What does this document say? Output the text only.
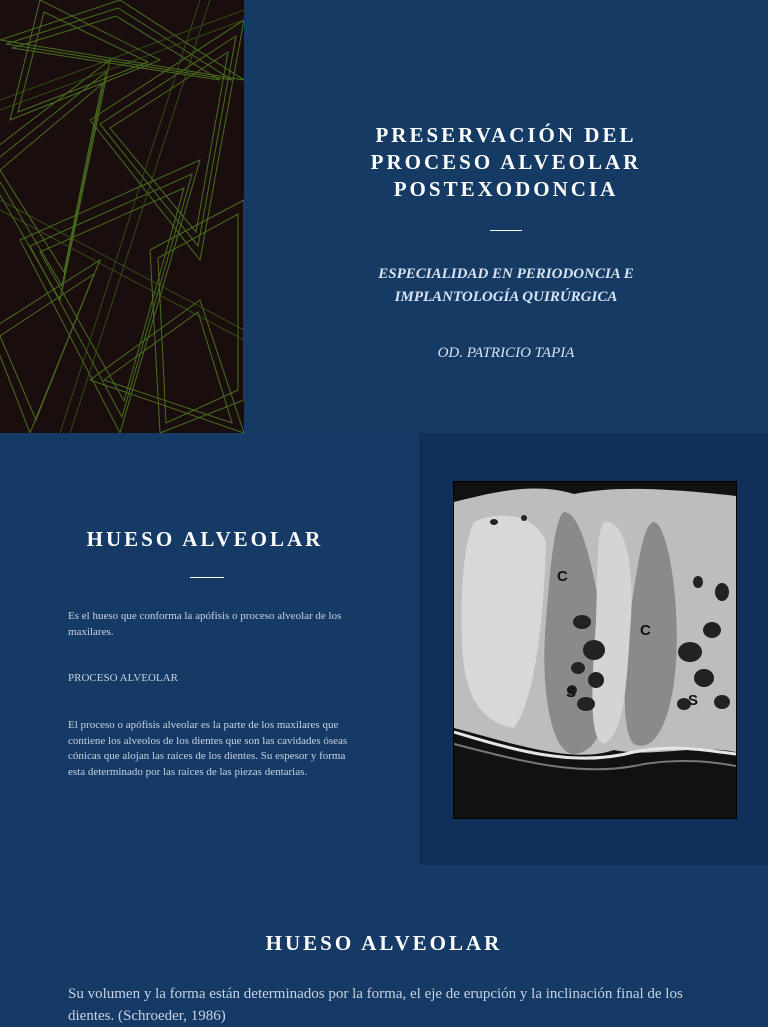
PRESERVACIÓN DEL
PROCESO ALVEOLAR
POSTEXODONCIA
ESPECIALIDAD EN PERIODONCIA E
IMPLANTOLOGÍA QUIRÚRGICA
OD. PATRICIO TAPIA
HUESO ALVEOLAR
Es el hueso que conforma la apófisis o proceso alveolar de los maxilares.
PROCESO ALVEOLAR
El proceso o apófisis alveolar es la parte de los maxilares que contiene los alveolos de los dientes que son las cavidades óseas cónicas que alojan las raíces de los dientes. Su espesor y forma esta determinado por las raíces de las piezas dentarias.
C
C
S	S
HUESO ALVEOLAR
Su volumen y la forma están determinados por la forma, el eje de erupción y la inclinación final de los dientes. (Schroeder, 1986)
